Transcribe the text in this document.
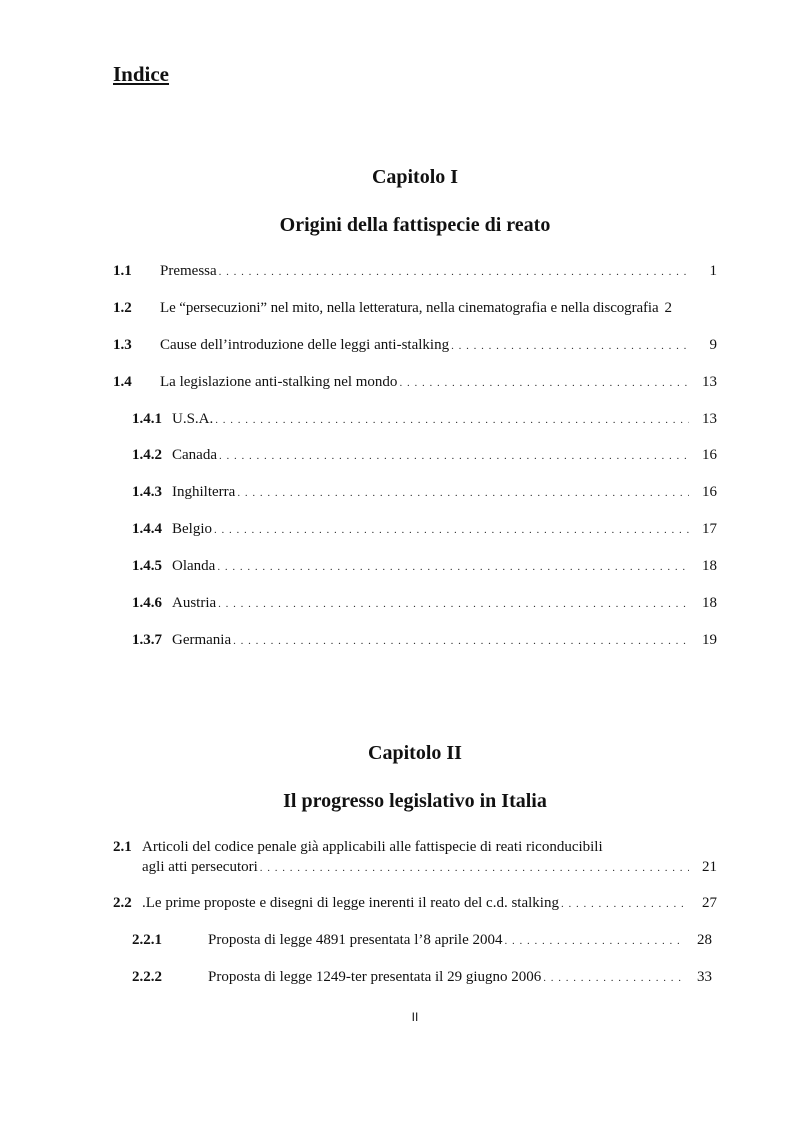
Indice
Capitolo I
Origini della fattispecie di reato
1.1	Premessa . . .	1
1.2	Le “persecuzioni” nel mito, nella letteratura, nella cinematografia e nella discografia 2
1.3	Cause dell’introduzione delle leggi anti-stalking . . .	9
1.4	La legislazione anti-stalking nel mondo . . .	13
1.4.1 U.S.A. . . .	13
1.4.2 Canada . . .	16
1.4.3 Inghilterra . . .	16
1.4.4 Belgio . . .	17
1.4.5 Olanda . . .	18
1.4.6 Austria . . .	18
1.3.7 Germania . . .	19
Capitolo II
Il progresso legislativo in Italia
2.1 Articoli del codice penale già applicabili alle fattispecie di reati riconducibili
agli atti persecutori . . .	21
2.2 .Le prime proposte e disegni di legge inerenti il reato del c.d. stalking . . .	27
2.2.1	Proposta di legge 4891 presentata l’8 aprile 2004 . . .	28
2.2.2	Proposta di legge 1249-ter presentata il 29 giugno 2006 . . .	33
II
